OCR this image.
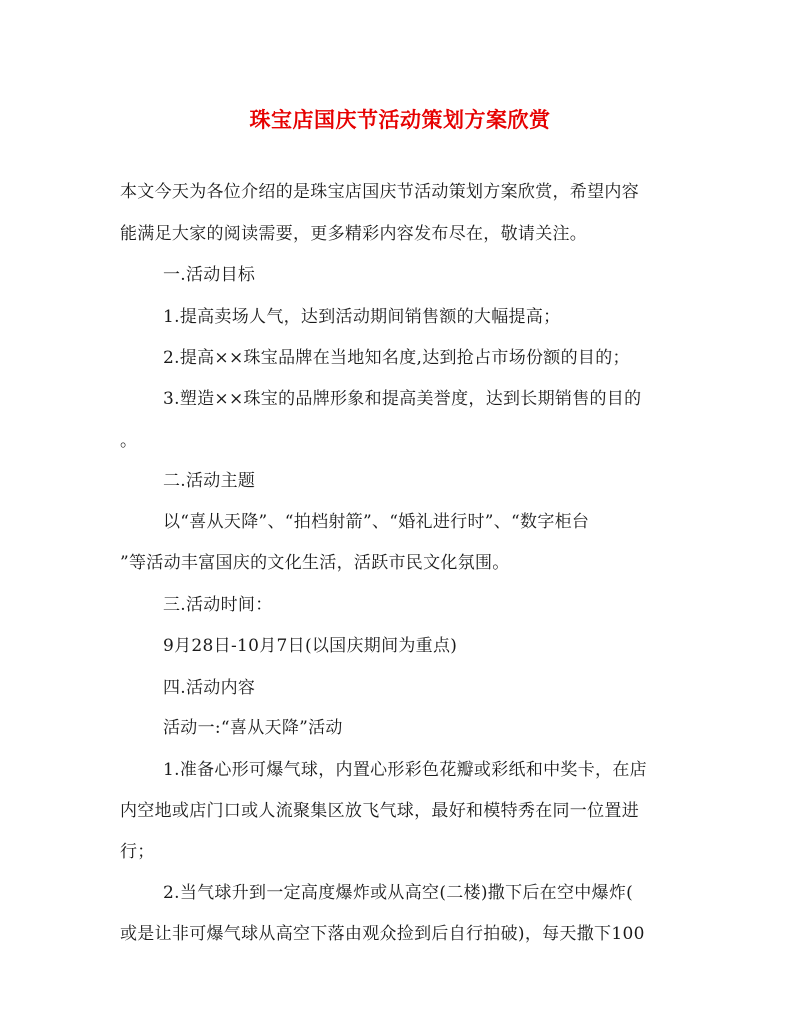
珠宝店国庆节活动策划方案欣赏
本文今天为各位介绍的是珠宝店国庆节活动策划方案欣赏，希望内容
能满足大家的阅读需要，更多精彩内容发布尽在，敬请关注。
一.活动目标
1.提高卖场人气，达到活动期间销售额的大幅提高；
2.提高××珠宝品牌在当地知名度,达到抢占市场份额的目的；
3.塑造××珠宝的品牌形象和提高美誉度，达到长期销售的目的
。
二.活动主题
以“喜从天降”、“拍档射箭”、“婚礼进行时”、“数字柜台
”等活动丰富国庆的文化生活，活跃市民文化氛围。
三.活动时间：
9月28日-10月7日(以国庆期间为重点)
四.活动内容
活动一:“喜从天降”活动
1.准备心形可爆气球，内置心形彩色花瓣或彩纸和中奖卡，在店
内空地或店门口或人流聚集区放飞气球，最好和模特秀在同一位置进
行；
2.当气球升到一定高度爆炸或从高空(二楼)撒下后在空中爆炸(
或是让非可爆气球从高空下落由观众捡到后自行拍破)，每天撒下100
